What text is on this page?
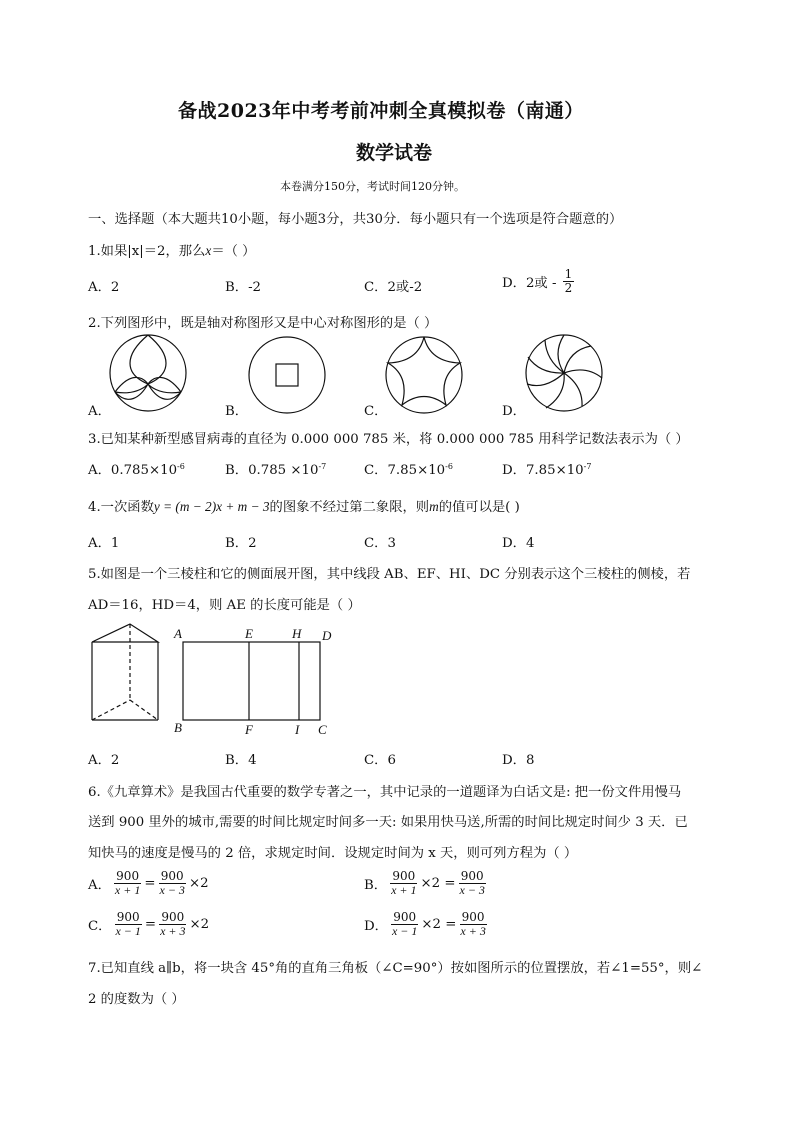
备战2023年中考考前冲刺全真模拟卷（南通）
数学试卷
本卷满分150分，考试时间120分钟。
一、选择题（本大题共10小题，每小题3分，共30分．每小题只有一个选项是符合题意的）
1.如果|x|＝2，那么x＝（ ）
A．2	B．-2	C．2或-2	D．2或 - $\frac{1}{2}$
2.下列图形中，既是轴对称图形又是中心对称图形的是（ ）
A．	B．	C．	D．
3.已知某种新型感冒病毒的直径为 0.000 000 785 米，将 0.000 000 785 用科学记数法表示为（ ）
A．$0.785\times 10^{-6}$	B．$0.785 \times 10^{-7}$	C．$7.85\times 10^{-6}$	D．$7.85\times 10^{-7}$
4.一次函数y = (m − 2)x + m − 3的图象不经过第二象限，则m的值可以是( )
A．1	B．2	C．3	D．4
5.如图是一个三棱柱和它的侧面展开图，其中线段 AB、EF、HI、DC 分别表示这个三棱柱的侧棱，若
AD＝16，HD＝4，则 AE 的长度可能是（ ）
A	E	H D
B	F	I C
A．2	B．4	C．6	D．8
6.《九章算术》是我国古代重要的数学专著之一，其中记录的一道题译为白话文是: 把一份文件用慢马
送到 900 里外的城市,需要的时间比规定时间多一天: 如果用快马送,所需的时间比规定时间少 3 天．已
知快马的速度是慢马的 2 倍，求规定时间．设规定时间为 x 天，则可列方程为（ ）
A． $\frac{900}{x + 1} = \frac{900}{x - 3} \times 2$	B． $\frac{900}{x + 1} \times 2 = \frac{900}{x - 3}$
C． $\frac{900}{x - 1} = \frac{900}{x + 3} \times 2$	D． $\frac{900}{x - 1} \times 2 = \frac{900}{x + 3}$
7.已知直线 a∥b，将一块含 45°角的直角三角板（∠C=90°）按如图所示的位置摆放，若∠1=55°，则∠
2 的度数为（ ）
